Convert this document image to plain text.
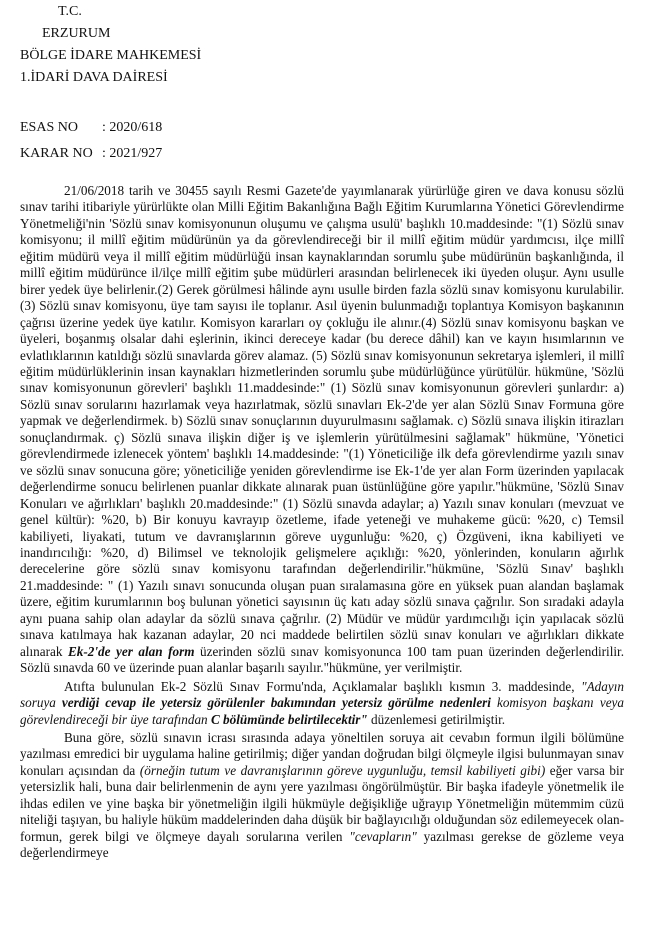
T.C.
ERZURUM
BÖLGE İDARE MAHKEMESİ
1.İDARİ DAVA DAİRESİ
ESAS NO	: 2020/618
KARAR NO : 2021/927

21/06/2018 tarih ve 30455 sayılı Resmi Gazete'de yayımlanarak yürürlüğe giren ve dava konusu sözlü sınav tarihi itibariyle yürürlükte olan Milli Eğitim Bakanlığına Bağlı Eğitim Kurumlarına Yönetici Görevlendirme Yönetmeliği'nin 'Sözlü sınav komisyonunun oluşumu ve çalışma usulü' başlıklı 10.maddesinde: "(1) Sözlü sınav komisyonu; il millî eğitim müdürünün ya da görevlendireceği bir il millî eğitim müdür yardımcısı, ilçe millî eğitim müdürü veya il millî eğitim müdürlüğü insan kaynaklarından sorumlu şube müdürünün başkanlığında, il millî eğitim müdürünce il/ilçe millî eğitim şube müdürleri arasından belirlenecek iki üyeden oluşur. Aynı usulle birer yedek üye belirlenir.(2) Gerek görülmesi hâlinde aynı usulle birden fazla sözlü sınav komisyonu kurulabilir. (3) Sözlü sınav komisyonu, üye tam sayısı ile toplanır. Asıl üyenin bulunmadığı toplantıya Komisyon başkanının çağrısı üzerine yedek üye katılır. Komisyon kararları oy çokluğu ile alınır.(4) Sözlü sınav komisyonu başkan ve üyeleri, boşanmış olsalar dahi eşlerinin, ikinci dereceye kadar (bu derece dâhil) kan ve kayın hısımlarının ve evlatlıklarının katıldığı sözlü sınavlarda görev alamaz. (5) Sözlü sınav komisyonunun sekretarya işlemleri, il millî eğitim müdürlüklerinin insan kaynakları hizmetlerinden sorumlu şube müdürlüğünce yürütülür. hükmüne, 'Sözlü sınav komisyonunun görevleri' başlıklı 11.maddesinde:" (1) Sözlü sınav komisyonunun görevleri şunlardır: a) Sözlü sınav sorularını hazırlamak veya hazırlatmak, sözlü sınavları Ek-2'de yer alan Sözlü Sınav Formuna göre yapmak ve değerlendirmek. b) Sözlü sınav sonuçlarının duyurulmasını sağlamak. c) Sözlü sınava ilişkin itirazları sonuçlandırmak. ç) Sözlü sınava ilişkin diğer iş ve işlemlerin yürütülmesini sağlamak" hükmüne, 'Yönetici görevlendirmede izlenecek yöntem' başlıklı 14.maddesinde: "(1) Yöneticiliğe ilk defa görevlendirme yazılı sınav ve sözlü sınav sonucuna göre; yöneticiliğe yeniden görevlendirme ise Ek-1'de yer alan Form üzerinden yapılacak değerlendirme sonucu belirlenen puanlar dikkate alınarak puan üstünlüğüne göre yapılır."hükmüne, 'Sözlü Sınav Konuları ve ağırlıkları' başlıklı 20.maddesinde:" (1) Sözlü sınavda adaylar; a) Yazılı sınav konuları (mevzuat ve genel kültür): %20, b) Bir konuyu kavrayıp özetleme, ifade yeteneği ve muhakeme gücü: %20, c) Temsil kabiliyeti, liyakati, tutum ve davranışlarının göreve uygunluğu: %20, ç) Özgüveni, ikna kabiliyeti ve inandırıcılığı: %20, d) Bilimsel ve teknolojik gelişmelere açıklığı: %20, yönlerinden, konuların ağırlık derecelerine göre sözlü sınav komisyonu tarafından değerlendirilir."hükmüne, 'Sözlü Sınav' başlıklı 21.maddesinde: " (1) Yazılı sınavı sonucunda oluşan puan sıralamasına göre en yüksek puan alandan başlamak üzere, eğitim kurumlarının boş bulunan yönetici sayısının üç katı aday sözlü sınava çağrılır. Son sıradaki adayla aynı puana sahip olan adaylar da sözlü sınava çağrılır. (2) Müdür ve müdür yardımcılığı için yapılacak sözlü sınava katılmaya hak kazanan adaylar, 20 nci maddede belirtilen sözlü sınav konuları ve ağırlıkları dikkate alınarak Ek-2'de yer alan form üzerinden sözlü sınav komisyonunca 100 tam puan üzerinden değerlendirilir. Sözlü sınavda 60 ve üzerinde puan alanlar başarılı sayılır."hükmüne, yer verilmiştir.

Atıfta bulunulan Ek-2 Sözlü Sınav Formu'nda, Açıklamalar başlıklı kısmın 3. maddesinde, "Adayın soruya verdiği cevap ile yetersiz görülenler bakımından yetersiz görülme nedenleri komisyon başkanı veya görevlendireceği bir üye tarafından C bölümünde belirtilecektir" düzenlemesi getirilmiştir.

Buna göre, sözlü sınavın icrası sırasında adaya yöneltilen soruya ait cevabın formun ilgili bölümüne yazılması emredici bir uygulama haline getirilmiş; diğer yandan doğrudan bilgi ölçmeyle ilgisi bulunmayan sınav konuları açısından da (örneğin tutum ve davranışlarının göreve uygunluğu, temsil kabiliyeti gibi) eğer varsa bir yetersizlik hali, buna dair belirlenmenin de aynı yere yazılması öngörülmüştür. Bir başka ifadeyle yönetmelik ile ihdas edilen ve yine başka bir yönetmeliğin ilgili hükmüyle değişikliğe uğrayıp Yönetmeliğin mütemmim cüzü niteliği taşıyan, bu haliyle hüküm maddelerinden daha düşük bir bağlayıcılığı olduğundan söz edilemeyecek olan- formun, gerek bilgi ve ölçmeye dayalı sorularına verilen "cevapların" yazılması gerekse de gözleme veya değerlendirmeye
